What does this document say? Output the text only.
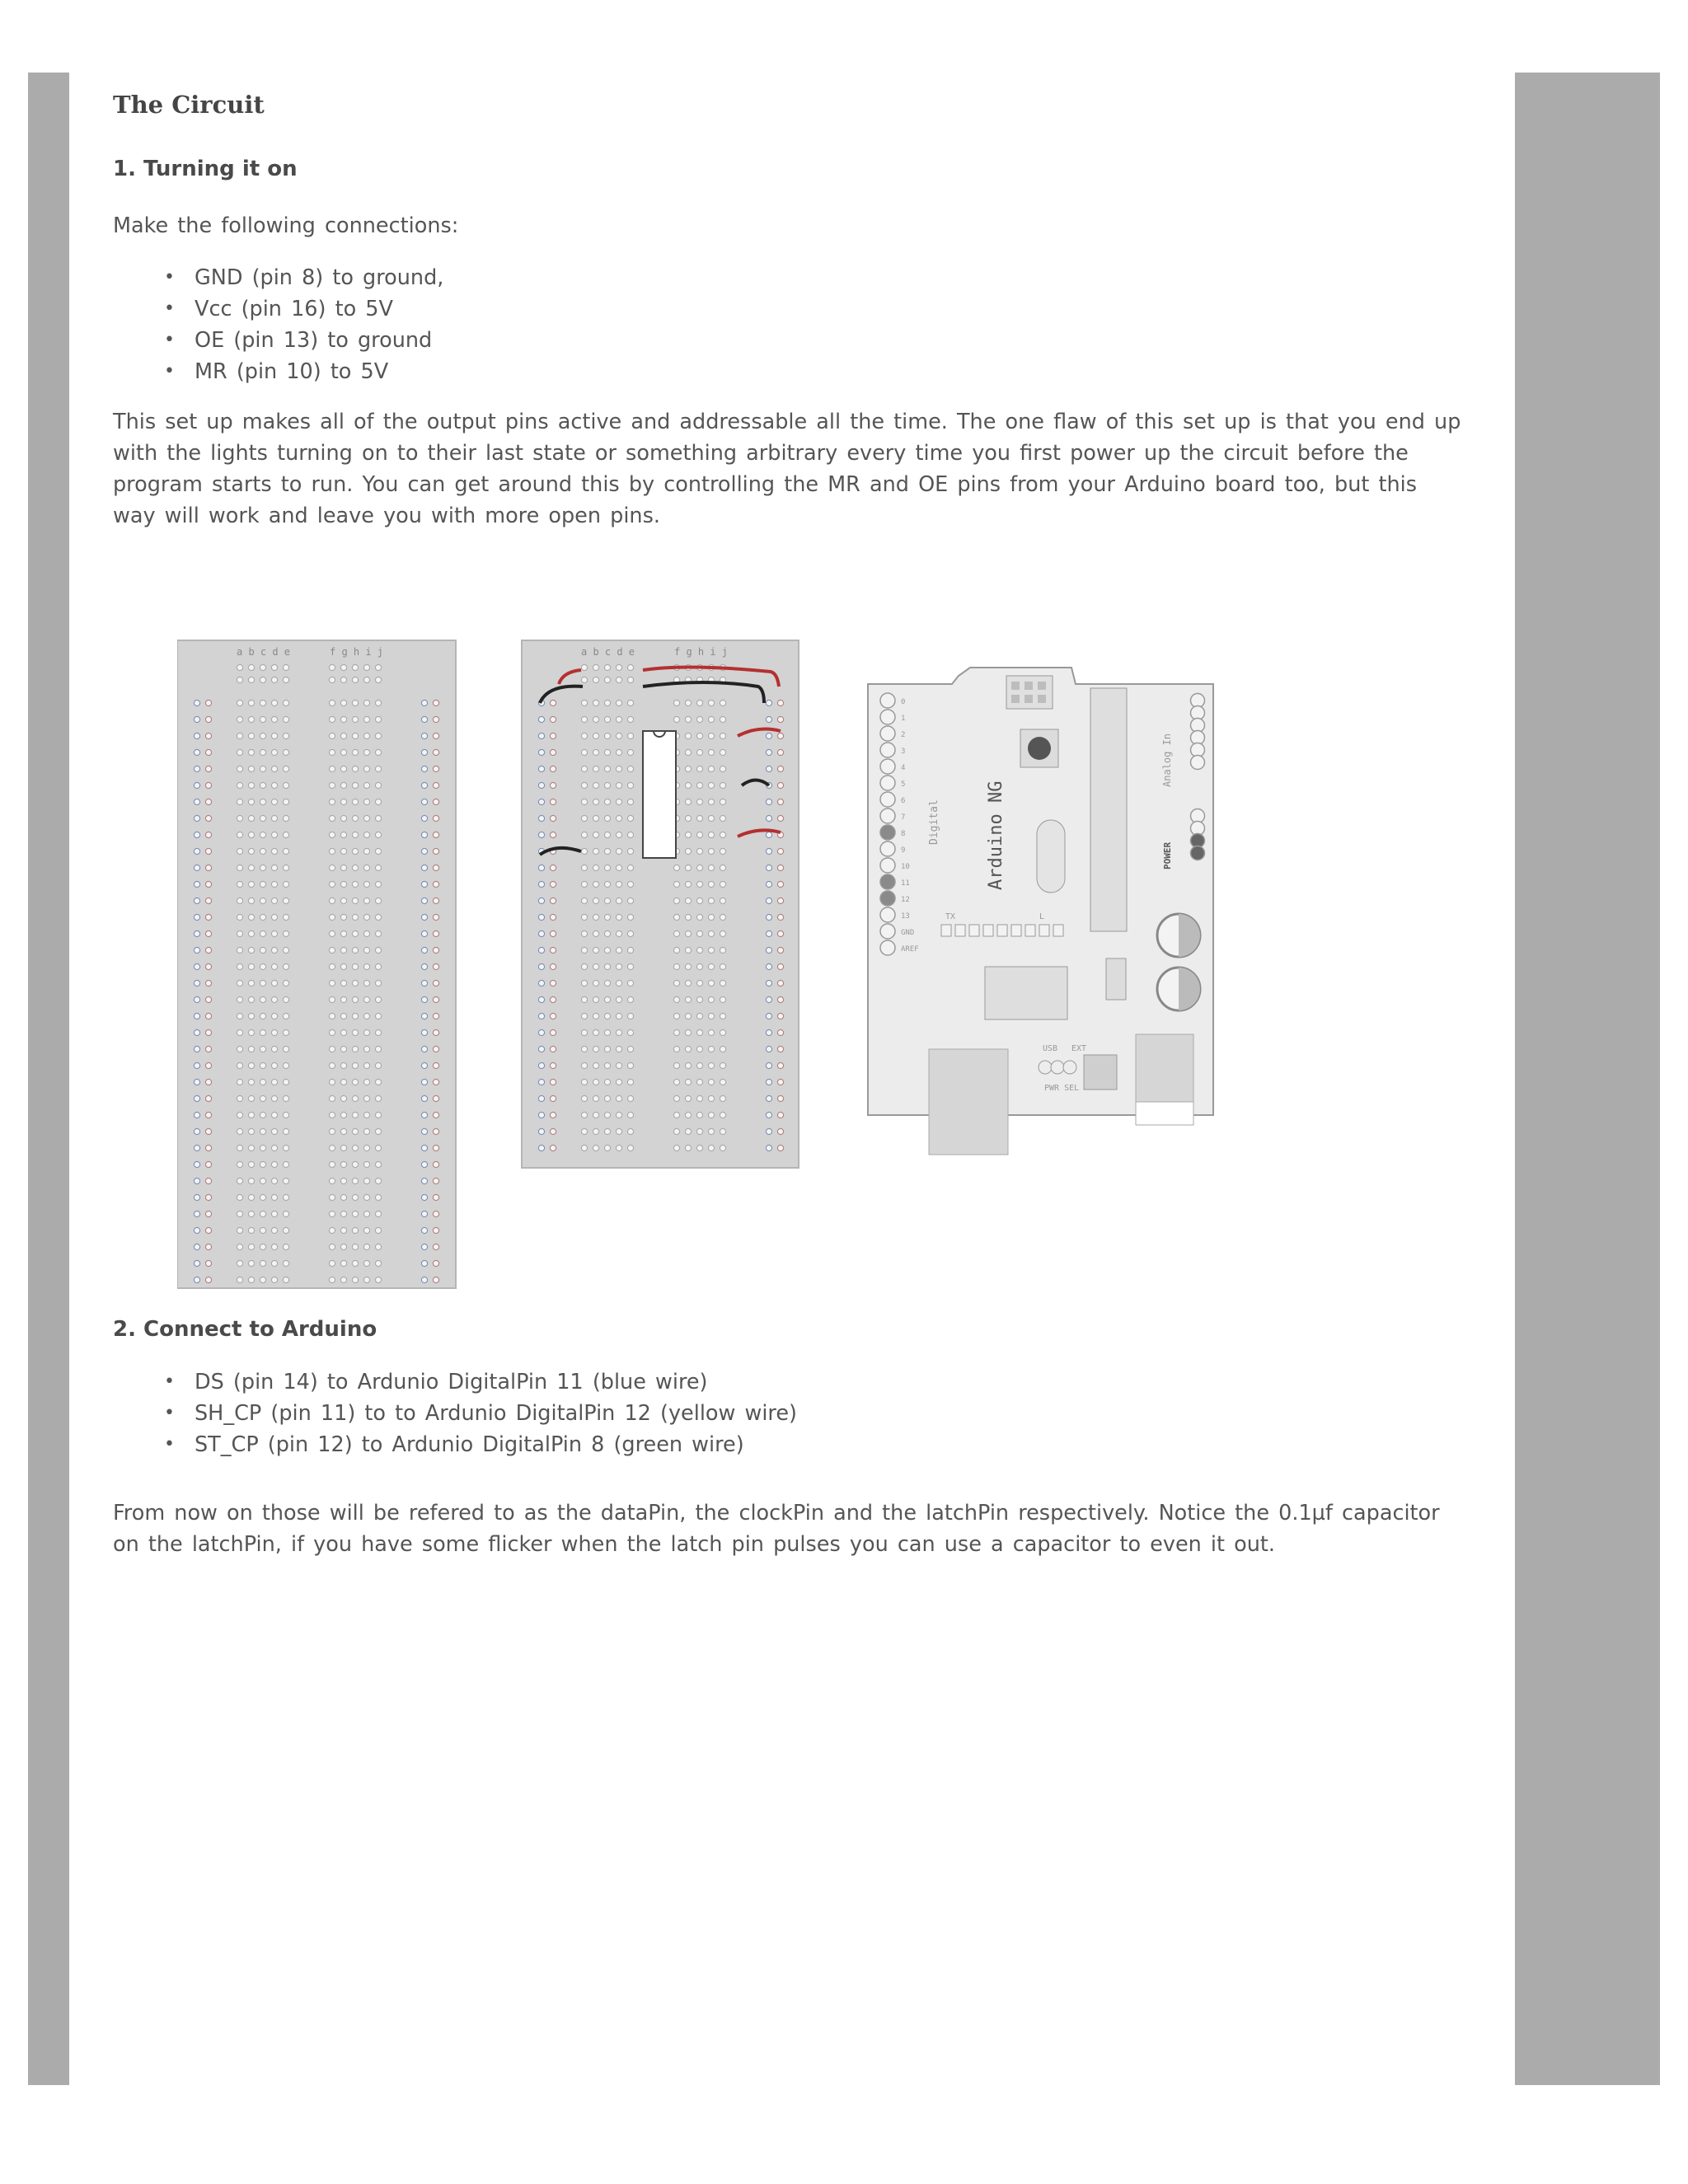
The Circuit

1. Turning it on

Make the following connections:

• GND (pin 8) to ground,
• Vcc (pin 16) to 5V
• OE (pin 13) to ground
• MR (pin 10) to 5V

This set up makes all of the output pins active and addressable all the time. The one flaw of this set up is that you end up with the lights turning on to their last state or something arbitrary every time you first power up the circuit before the program starts to run. You can get around this by controlling the MR and OE pins from your Arduino board too, but this way will work and leave you with more open pins.

2. Connect to Arduino

• DS (pin 14) to Ardunio DigitalPin 11 (blue wire)
• SH_CP (pin 11) to to Ardunio DigitalPin 12 (yellow wire)
• ST_CP (pin 12) to Ardunio DigitalPin 8 (green wire)

From now on those will be refered to as the dataPin, the clockPin and the latchPin respectively. Notice the 0.1µf capacitor on the latchPin, if you have some flicker when the latch pin pulses you can use a capacitor to even it out.

a b c d e	f g h i j	a b c d e	f g h i j
0
1
2
3
4
5
6
7
8
9
10
11
12
13
GND
AREF
Digital
Analog In
POWER
Arduino NG
TX	L
USB EXT
PWR SEL
